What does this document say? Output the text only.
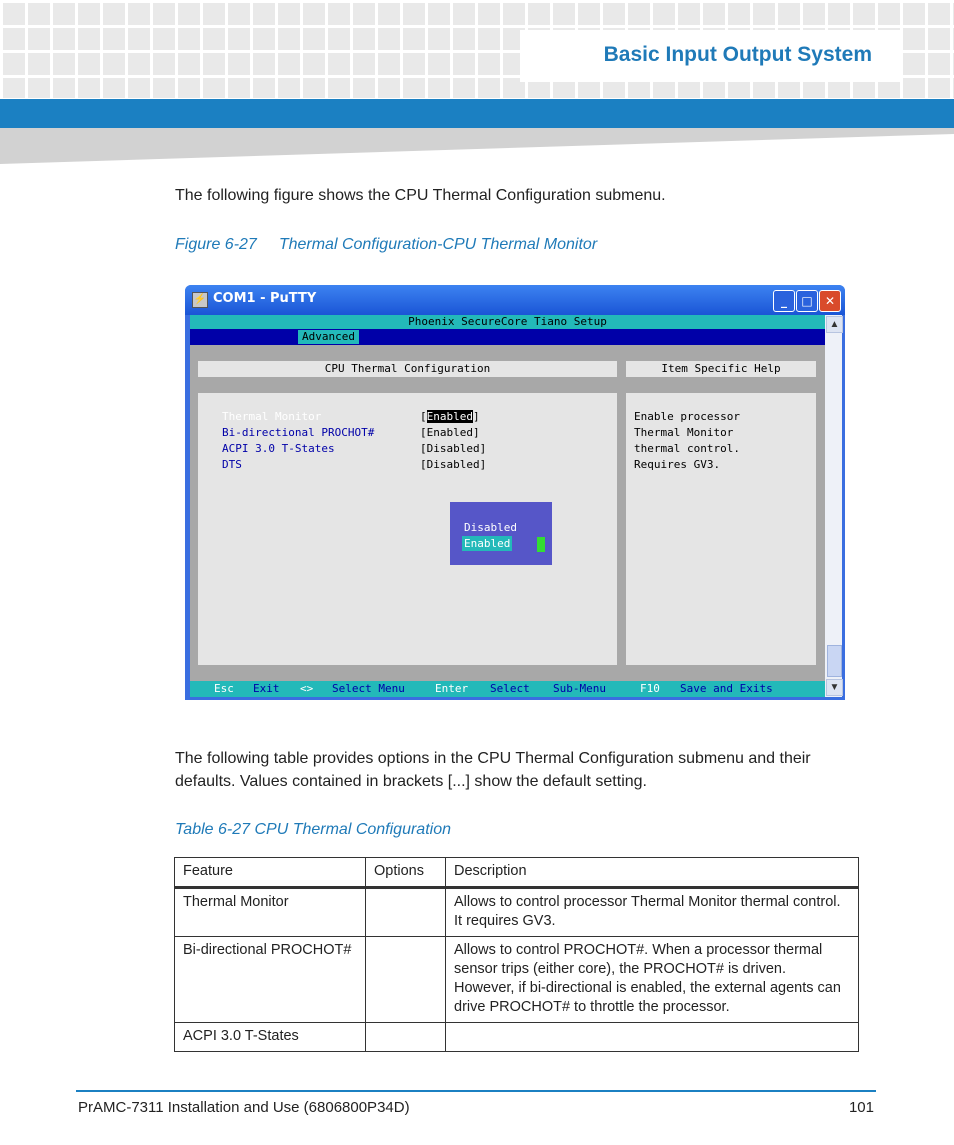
Basic Input Output System

The following figure shows the CPU Thermal Configuration submenu.

Figure 6-27 Thermal Configuration-CPU Thermal Monitor
⚡ COM1 - PuTTY	_	□	✕
Phoenix SecureCore Tiano Setup
Advanced
CPU Thermal Configuration	Item Specific Help
Thermal Monitor	[Enabled]
Bi-directional PROCHOT#	[Enabled]
ACPI 3.0 T-States	[Disabled]
DTS	[Disabled]
Enable processor
Thermal Monitor
thermal control.
Requires GV3.
Disabled
Enabled

Esc

Exit

<>

Select Menu

	Enter

Select

Sub-Menu

	F10

Save and Exits

▲
▼

The following table provides options in the CPU Thermal Configuration submenu and their defaults. Values contained in brackets [...] show the default setting.

Table 6-27 CPU Thermal Configuration
Feature	Options	Description
Thermal Monitor		Allows to control processor Thermal Monitor thermal control. It requires GV3.
Bi-directional PROCHOT#		Allows to control PROCHOT#. When a processor thermal sensor trips (either core), the PROCHOT# is driven. However, if bi-directional is enabled, the external agents can drive PROCHOT# to throttle the processor.
ACPI 3.0 T-States		
PrAMC-7311 Installation and Use (6806800P34D)	101
